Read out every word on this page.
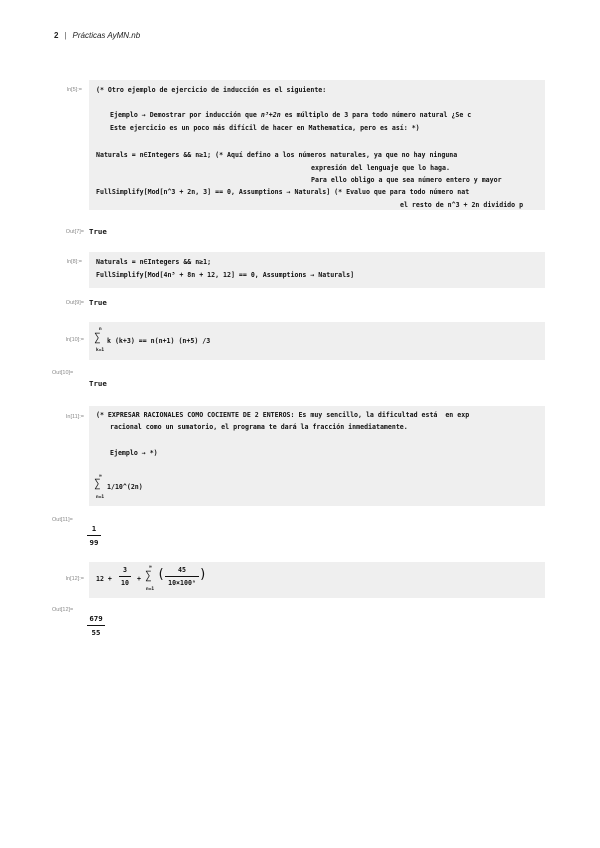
2 | Prácticas AyMN.nb
In[5]:= (* Otro ejemplo de ejercicio de inducción es el siguiente:
Ejemplo → Demostrar por inducción que n³+2n es múltiplo de 3 para todo número natural ¿Se c
Este ejercicio es un poco más difícil de hacer en Mathematica, pero es así: *)
Naturals = n∈Integers && n≥1; (* Aquí defino a los números naturales, ya que no hay ninguna
expresión del lenguaje que lo haga.
Para ello obligo a que sea número entero y mayor
FullSimplify[Mod[n^3 + 2n, 3] == 0, Assumptions → Naturals] (* Evaluo que para todo número nat
el resto de n^3 + 2n dividido p
Out[7]= True
In[8]:= Naturals = n∈Integers && n≥1;
FullSimplify[Mod[4n³ + 8n + 12, 12] == 0, Assumptions → Naturals]
Out[9]= True
In[10]:=
n
∑
k=1
k (k+3) == n(n+1) (n+5) /3
Out[10]=
True
In[11]:= (* EXPRESAR RACIONALES COMO COCIENTE DE 2 ENTEROS: Es muy sencillo, la dificultad está  en exp
racional como un sumatorio, el programa te dará la fracción inmediatamente.
Ejemplo → *)
∞
∑
n=1
1/10^(2n)
Out[11]=
1
99
In[12]:= 12 +
3
10	+
∞
∑
n=1
(	45
10×100ⁿ
)
Out[12]=
679
55
